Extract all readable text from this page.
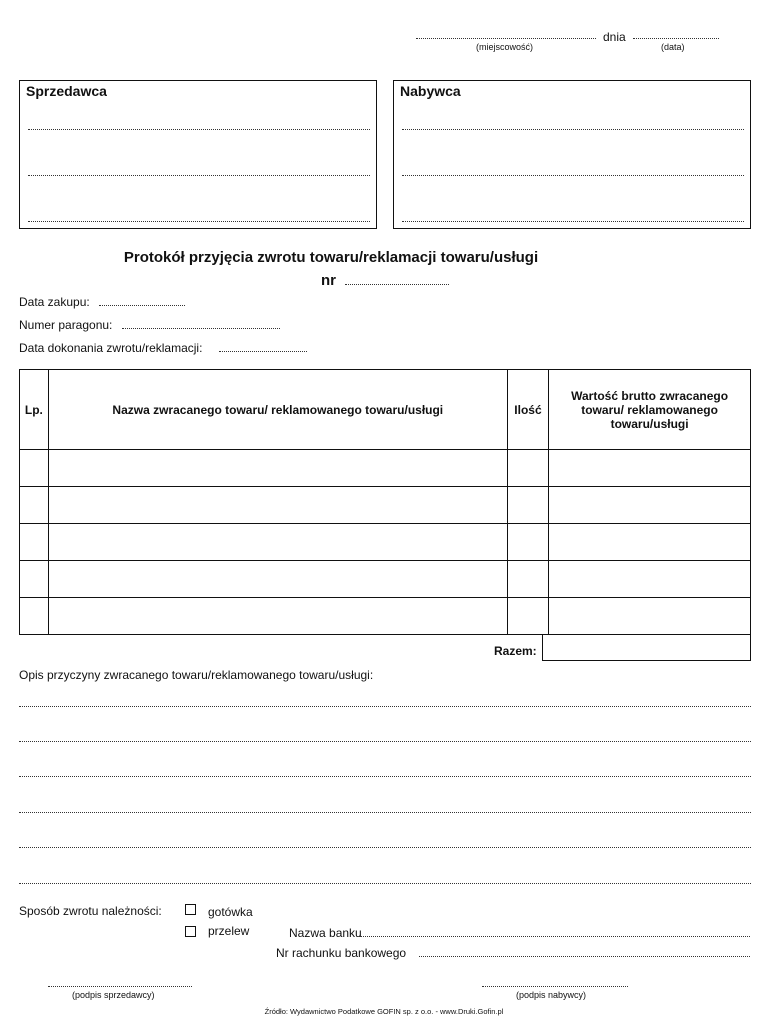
(miejscowość)
dnia
(data)
Sprzedawca	Nabywca
Protokół przyjęcia zwrotu towaru/reklamacji towaru/usługi
nr
Data zakupu:
Numer paragonu:
Data dokonania zwrotu/reklamacji:
Lp.	Nazwa zwracanego towaru/ reklamowanego towaru/usługi	Ilość	Wartość brutto zwracanego towaru/ reklamowanego towaru/usługi

Razem:
Opis przyczyny zwracanego towaru/reklamowanego towaru/usługi:
Sposób zwrotu należności:	gotówka
przelew	Nazwa banku
Nr rachunku bankowego
(podpis sprzedawcy)	(podpis nabywcy)
Źródło: Wydawnictwo Podatkowe GOFIN sp. z o.o. - www.Druki.Gofin.pl
